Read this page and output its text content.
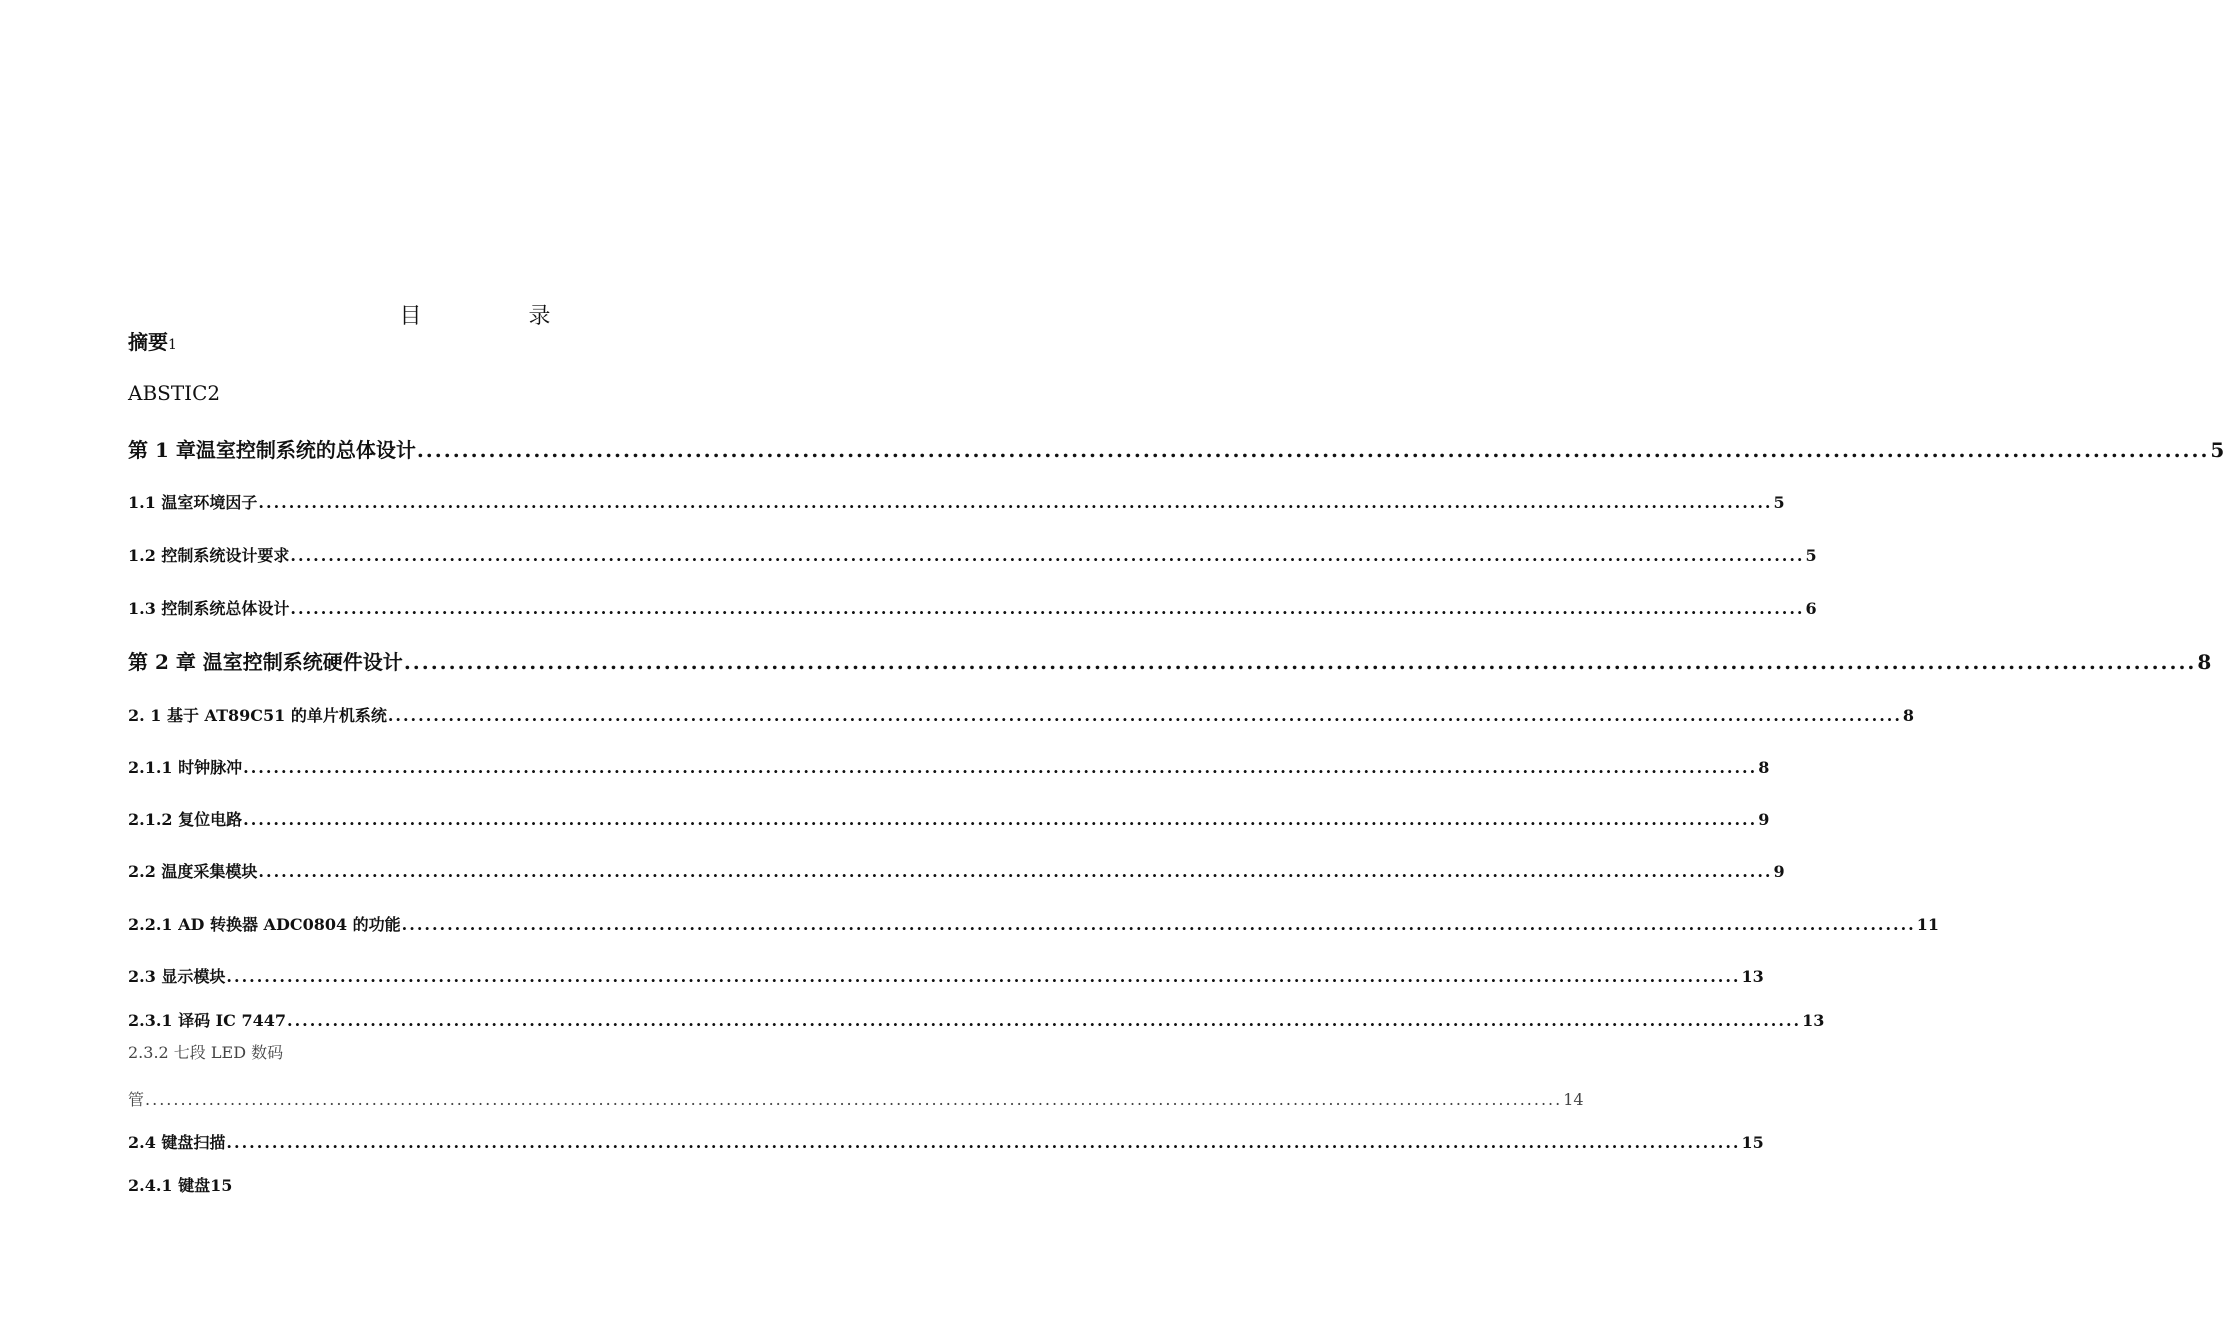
目 录
摘要1
ABSTIC2
第 1 章温室控制系统的总体设计 ........................................................................................................................................................................................................ 5
1.1 温室环境因子 ........................................................................................................................................................................................................ 5
1.2 控制系统设计要求 ........................................................................................................................................................................................................ 5
1.3 控制系统总体设计 ........................................................................................................................................................................................................ 6
第 2 章 温室控制系统硬件设计 ........................................................................................................................................................................................................ 8
2. 1 基于 AT89C51 的单片机系统 ........................................................................................................................................................................................................ 8
2.1.1 时钟脉冲 ........................................................................................................................................................................................................ 8
2.1.2 复位电路 ........................................................................................................................................................................................................ 9
2.2 温度采集模块 ........................................................................................................................................................................................................ 9
2.2.1 AD 转换器 ADC0804 的功能 ........................................................................................................................................................................................................ 11
2.3 显示模块 ........................................................................................................................................................................................................ 13
2.3.1 译码 IC 7447 ........................................................................................................................................................................................................ 13
2.3.2 七段 LED 数码
管 ........................................................................................................................................................................................................ 14
2.4 键盘扫描 ........................................................................................................................................................................................................ 15
2.4.1 键盘15
